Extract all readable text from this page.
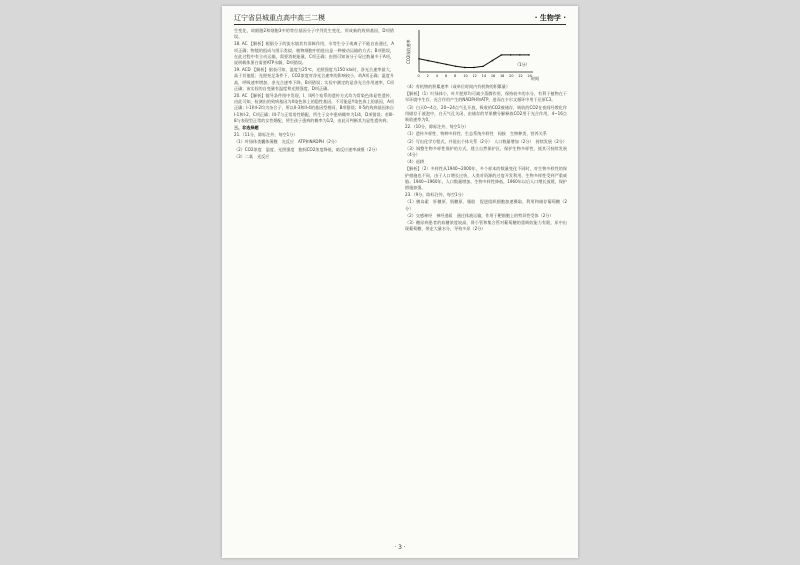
辽宁省县城重点高中高三二模	· 生物学 ·

生变化，故细胞2和细胞3中的等位基因分子序列发生变化，形成新的致病基因，D项错误。

18. AC 【解析】根据分子的流水填其有屏障作用，水等生分子或离子不能自由通过，A项正确；物镜的组成与图示类似，植物细胞中的进出是一种被动运输的方式；B项错误，在此过程中有主动运输，需要消耗能量，C项正确；由图可知该分子穿过数量多于A项，说明载体蛋白需要ATP水解，D项错误。

19. ACD 【解析】据表可知，温度为25℃，光照强度为150 klx时，净光合速率最大，高于其他组；光照充足条件下，CO2浓度对净光合速率的影响较小，故A项正确；温度升高，呼吸速率增加，净光合速率下降，B项错误；实验中测定的是净光合作用速率，C项正确；该实验的自变量有温度和光照强度，D项正确。

20. AC 【解析】镜导条件图中发现，I、II两个家系的遗传方式均为常染色体显性遗传，由此可知，检测出的致病基因为X染色体上的隐性基因，不可能是Y染色体上的基因，A项正确；I-1和I-2均为杂合子，所以II-3和II-4的基因型相同，B项错误；II-5的致病基因来自I-1和I-2，C项正确；III-7与正常男性婚配，所生子女中患病概率为1/4，D项错误；若III-8与表现型正常的女性婚配，所生孩子患病的概率为1/2，由此可判断其为显性遗传病。

三、非选择题

21.（11分，除标注外，每空1分）

（1）叶绿体类囊体薄膜　光反应　ATP和NADPH（2分）

（2）CO2浓度　温度、光照强度　胞间CO2浓度降低，暗反应速率减慢（2分）

（3）二氧　光反应

CO2吸收速率
时间
0 2 4 6 8 10 12 14 16 18 20 22 24
（1分）

（4）有机物的积累速率（或单位时间内有机物的积累量）

【解析】（1）叶绿体小，叶片肥厚均可减少蒸腾作用，保持较多的水分，有利于植物在干旱环境中生存，光合作用产生的NADPH和ATP，进而在卡尔文循环中用于还原C3。

（3）白天0~4点、20~24点气孔开放，吸收的CO2被储存，吸收的CO2在夜间经羧化作用储存于液泡中，白天气孔关闭，由储存的苹果酸分解释放CO2用于光合作用，4~16点吸收速率为0。

22.（10分，除标注外，每空1分）

（1）遗传多样性、物种多样性、生态系统多样性　间接　生物种类、营养关系

（2）写出化学方程式，并说出个体关系（2分）　人口数量增加（2分）　持续发展（2分）

（3）调整生物多样性保护的方式，建立自然保护区，保护生物多样性，使其可持续发展（4分）

（4）退耕

【解析】（2）多样性从1940~2000年，多个样本的数量变化不同时，对生物多样性的保护措施也不同，由于人口增长过快，人类对资源的过度开发利用，生物多样性受到严重威胁。1940~1960年，人口数量增加，生物多样性降低，1960年以后人口增长放缓，保护措施加强。

23.（9分，除标注外，每空1分）

（1）胰岛素　肝糖原、肌糖原、脂肪　促进组织细胞加速摄取、利用和储存葡萄糖（2分）

（2）交感神经　神经递质　通过体液运输，作用于靶细胞上的特异性受体（2分）

（3）糖尿病患者的血糖浓度较高，肾小管和集合管对葡萄糖的重吸收能力有限，尿中出现葡萄糖，带走大量水分，导致多尿（2分）

· 3 ·
